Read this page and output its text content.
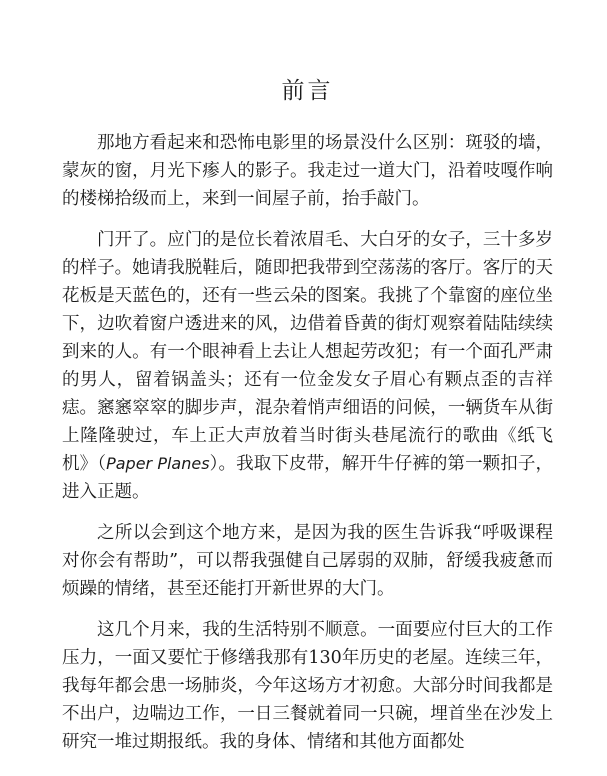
前言

那地方看起来和恐怖电影里的场景没什么区别：斑驳的墙，蒙灰的窗，月光下瘆人的影子。我走过一道大门，沿着吱嘎作响的楼梯拾级而上，来到一间屋子前，抬手敲门。

门开了。应门的是位长着浓眉毛、大白牙的女子，三十多岁的样子。她请我脱鞋后，随即把我带到空荡荡的客厅。客厅的天花板是天蓝色的，还有一些云朵的图案。我挑了个靠窗的座位坐下，边吹着窗户透进来的风，边借着昏黄的街灯观察着陆陆续续到来的人。有一个眼神看上去让人想起劳改犯；有一个面孔严肃的男人，留着锅盖头；还有一位金发女子眉心有颗点歪的吉祥痣。窸窸窣窣的脚步声，混杂着悄声细语的问候，一辆货车从街上隆隆驶过，车上正大声放着当时街头巷尾流行的歌曲《纸飞机》（Paper Planes）。我取下皮带，解开牛仔裤的第一颗扣子，进入正题。

之所以会到这个地方来，是因为我的医生告诉我“呼吸课程对你会有帮助”，可以帮我强健自己孱弱的双肺，舒缓我疲惫而烦躁的情绪，甚至还能打开新世界的大门。

这几个月来，我的生活特别不顺意。一面要应付巨大的工作压力，一面又要忙于修缮我那有130年历史的老屋。连续三年，我每年都会患一场肺炎，今年这场方才初愈。大部分时间我都是不出户，边喘边工作，一日三餐就着同一只碗，埋首坐在沙发上研究一堆过期报纸。我的身体、情绪和其他方面都处
